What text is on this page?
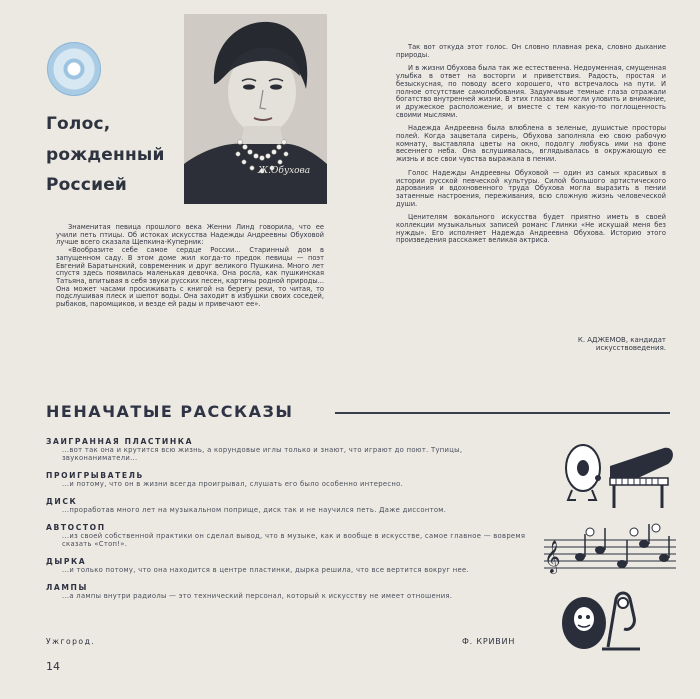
Голос,
рожденный
Россией
Ж.Обухова

Знаменитая певица прошлого века Женни Линд говорила, что ее учили петь птицы. Об истоках искусства Надежды Андреевны Обуховой лучше всего сказала Щепкина-Куперник:

«Вообразите себе самое сердце России... Старинный дом в запущенном саду. В этом доме жил когда-то предок певицы — поэт Евгений Баратынский, современник и друг великого Пушкина. Много лет спустя здесь появилась маленькая девочка. Она росла, как пушкинская Татьяна, впитывая в себя звуки русских песен, картины родной природы... Она может часами просиживать с книгой на берегу реки, то читая, то подслушивая плеск и шепот воды. Она заходит в избушки своих соседей, рыбаков, паромщиков, и везде ей рады и привечают ее».

Так вот откуда этот голос. Он словно плавная река, словно дыхание природы.

И в жизни Обухова была так же естественна. Недоуменная, смущенная улыбка в ответ на восторги и приветствия. Радость, простая и безыскусная, по поводу всего хорошего, что встречалось на пути. И полное отсутствие самолюбования. Задумчивые темные глаза отражали богатство внутренней жизни. В этих глазах вы могли уловить и внимание, и дружеское расположение, и вместе с тем какую-то поглощенность своими мыслями.

Надежда Андреевна была влюблена в зеленые, душистые просторы полей. Когда зацветала сирень, Обухова заполняла ею свою рабочую комнату, выставляла цветы на окно, подолгу любуясь ими на фоне весеннего неба. Она вслушивалась, вглядывалась в окружающую ее жизнь и все свои чувства выражала в пении.

Голос Надежды Андреевны Обуховой — один из самых красивых в истории русской певческой культуры. Силой большого артистического дарования и вдохновенного труда Обухова могла выразить в пении затаенные настроения, переживания, всю сложную жизнь человеческой души.

Ценителям вокального искусства будет приятно иметь в своей коллекции музыкальных записей романс Глинки «Не искушай меня без нужды». Его исполняет Надежда Андреевна Обухова. Историю этого произведения расскажет великая актриса.

К. АДЖЕМОВ, кандидат
искусствоведения.
НЕНАЧАТЫЕ РАССКАЗЫ
ЗАИГРАННАЯ ПЛАСТИНКА
...вот так она и крутится всю жизнь, а корундовые иглы только и знают, что играют до поют. Тупицы, звуконаниматели...
ПРОИГРЫВАТЕЛЬ
...и потому, что он в жизни всегда проигрывал, слушать его было особенно интересно.
ДИСК
...проработав много лет на музыкальном поприще, диск так и не научился петь. Даже диссонтом.
АВТОСТОП
...из своей собственной практики он сделал вывод, что в музыке, как и вообще в искусстве, самое главное — вовремя сказать «Стоп!».
ДЫРКА
...и только потому, что она находится в центре пластинки, дырка решила, что все вертится вокруг нее.
ЛАМПЫ
...а лампы внутри радиолы — это технический персонал, который к искусству не имеет отношения.
Ужгород.	Ф. КРИВИН
14
𝄞
